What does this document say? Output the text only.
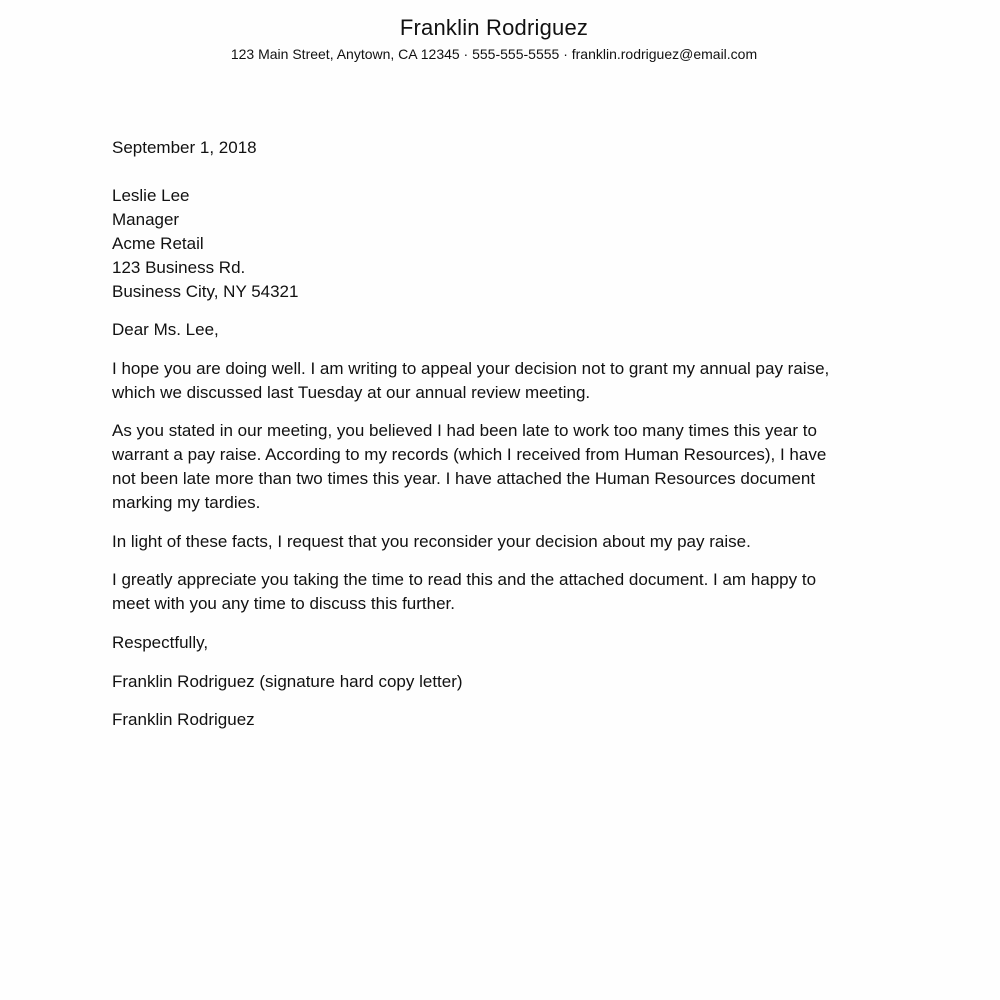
Franklin Rodriguez
123 Main Street, Anytown, CA 12345 · 555-555-5555 · franklin.rodriguez@email.com
September 1, 2018
Leslie Lee
Manager
Acme Retail
123 Business Rd.
Business City, NY 54321
Dear Ms. Lee,
I hope you are doing well. I am writing to appeal your decision not to grant my annual pay raise,
which we discussed last Tuesday at our annual review meeting.
As you stated in our meeting, you believed I had been late to work too many times this year to
warrant a pay raise. According to my records (which I received from Human Resources), I have
not been late more than two times this year. I have attached the Human Resources document
marking my tardies.
In light of these facts, I request that you reconsider your decision about my pay raise.
I greatly appreciate you taking the time to read this and the attached document. I am happy to
meet with you any time to discuss this further.
Respectfully,
Franklin Rodriguez (signature hard copy letter)
Franklin Rodriguez
